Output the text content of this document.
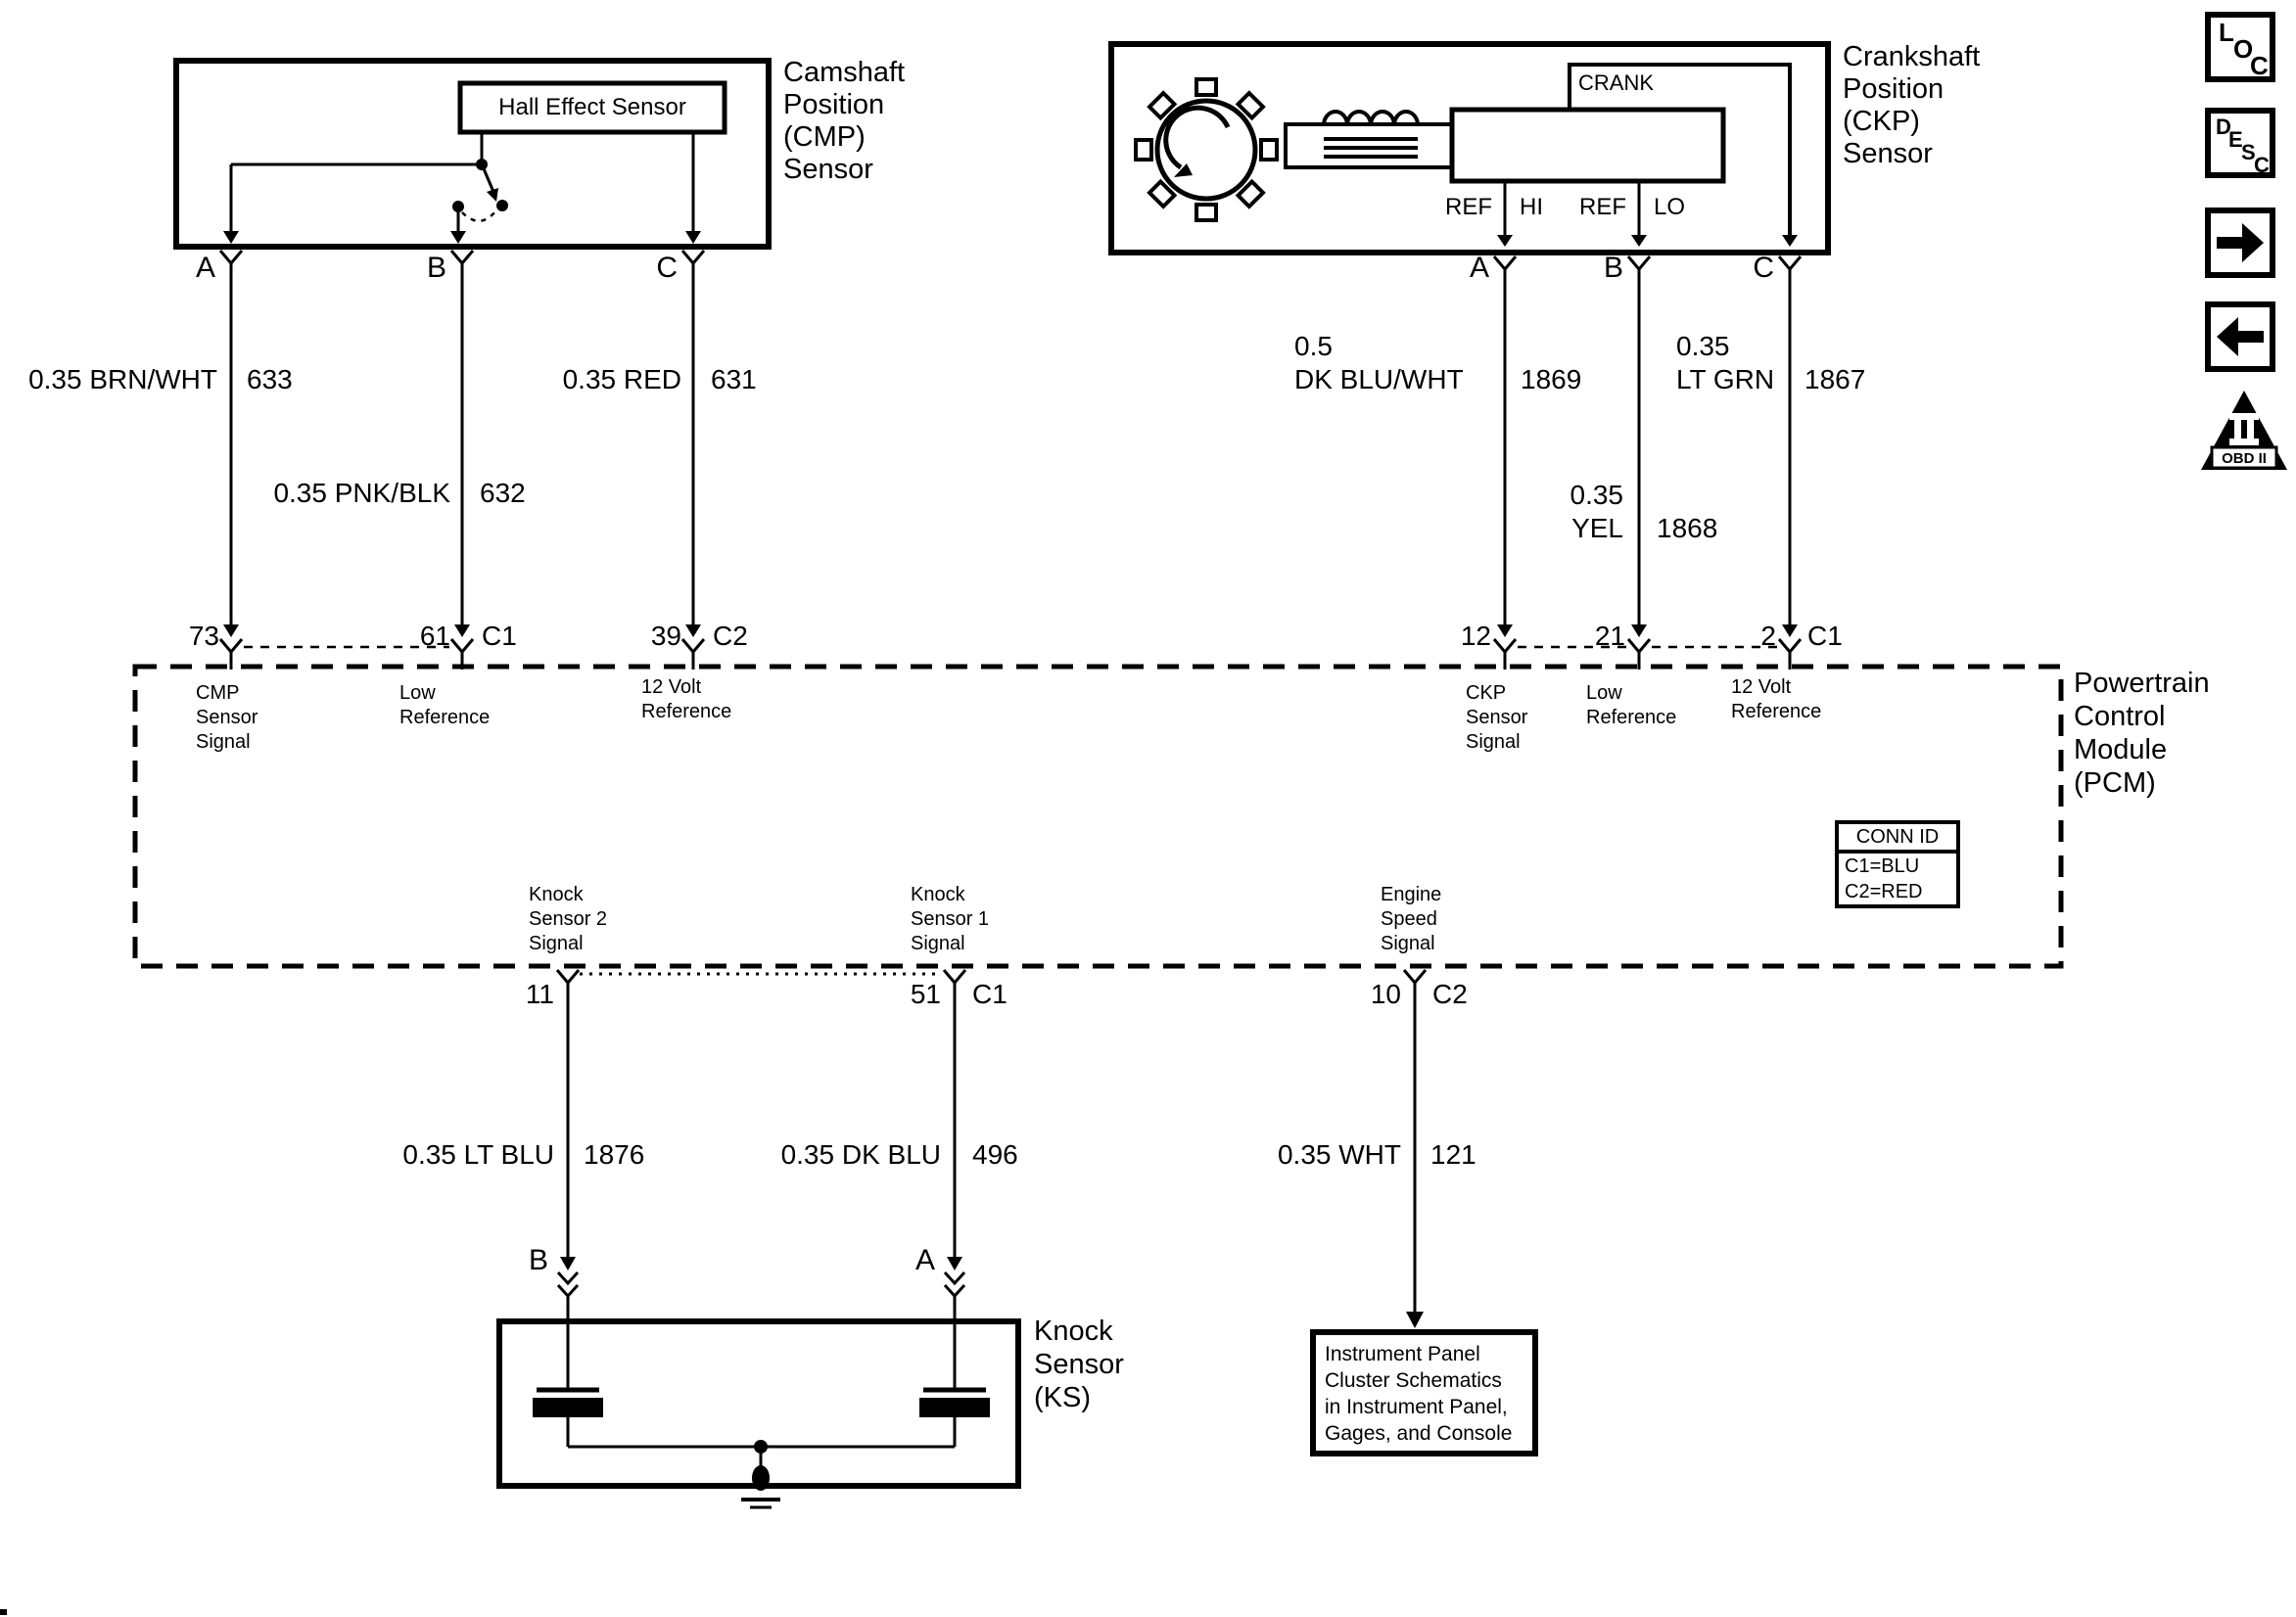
Camshaft
Position
(CMP)
Sensor
Hall Effect Sensor
A	B	C
Crankshaft
Position
(CKP)
Sensor
CRANK
REF HI	REF LO
A	B	C
0.35 BRN/WHT 633	0.35 RED 631
0.35 PNK/BLK 632
0.5
DK BLU/WHT 1869
0.35
LT GRN 1867
0.35
YEL 1868
0.35 LT BLU 1876	0.35 DK BLU 496	0.35 WHT 121
73	61 C1	39 C2	12	21	2 C1
CMP
Sensor
Signal
Low
Reference
12 Volt
Reference
CKP
Sensor
Signal
Low
Reference
12 Volt
Reference
Knock
Sensor 2
Signal
Knock
Sensor 1
Signal
Engine
Speed
Signal
Powertrain
Control
Module
(PCM)
CONN ID
C1=BLU
C2=RED
11	51 C1	10 C2
B	A
Knock
Sensor
(KS)
Instrument Panel
Cluster Schematics
in Instrument Panel,
Gages, and Console
L
O
C
D
E
S
C
OBD II
